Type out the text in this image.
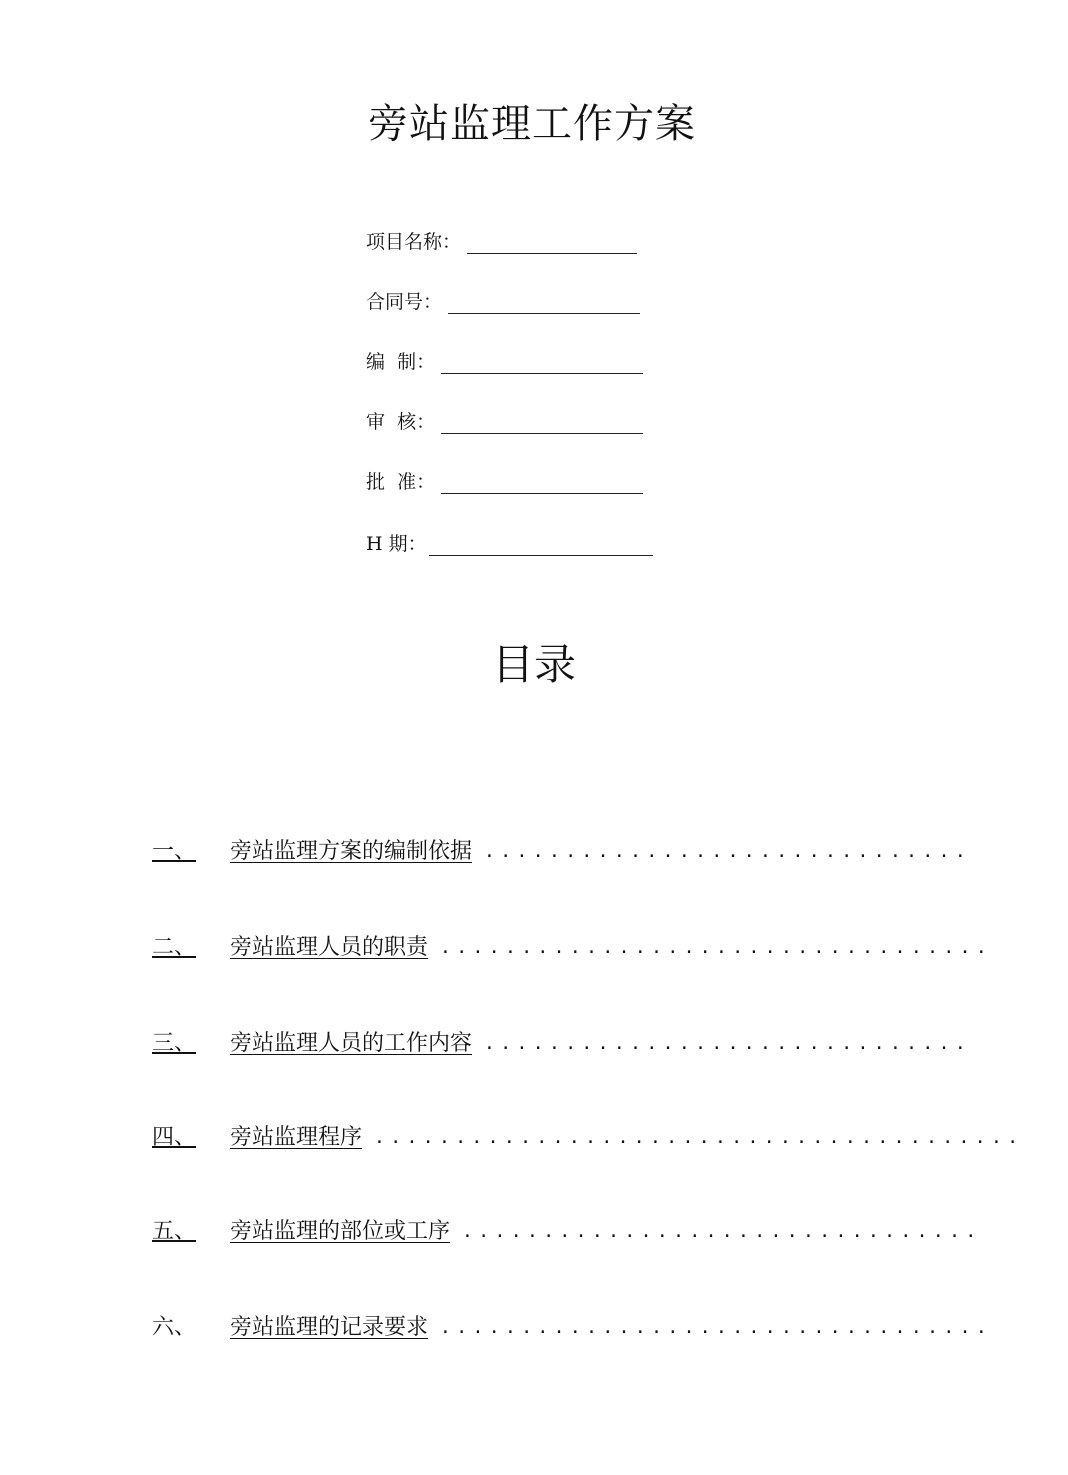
旁站监理工作方案
项目名称：
合同号：
编  制：
审  核：
批  准：
H 期：
目录
一、	旁站监理方案的编制依据 ..............................
二、	旁站监理人员的职责 ..................................
三、	旁站监理人员的工作内容 ..............................
四、	旁站监理程序 ........................................
五、	旁站监理的部位或工序 ................................
六、	旁站监理的记录要求 ..................................
